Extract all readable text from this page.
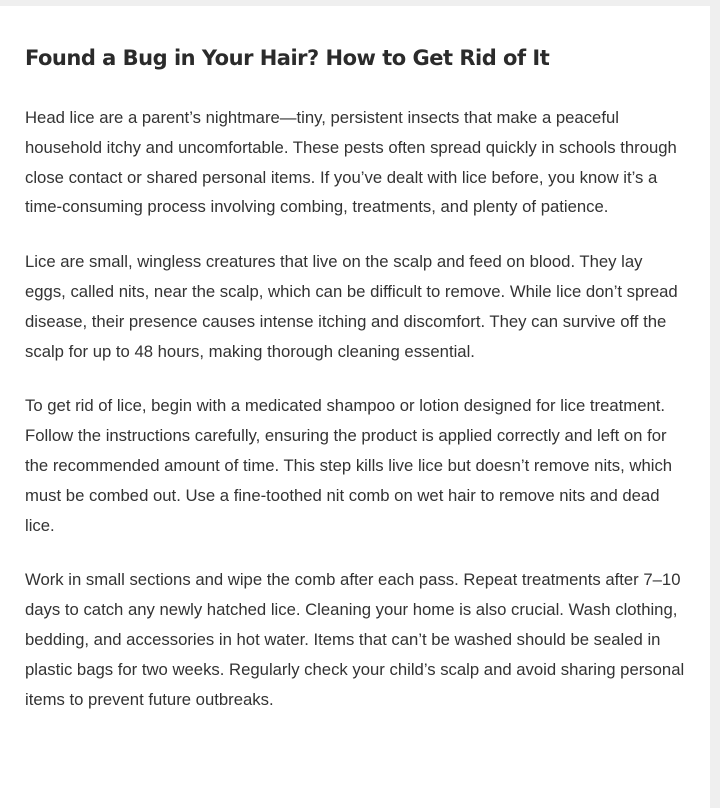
Found a Bug in Your Hair? How to Get Rid of It

Head lice are a parent’s nightmare—tiny, persistent insects that make a peaceful household itchy and uncomfortable. These pests often spread quickly in schools through close contact or shared personal items. If you’ve dealt with lice before, you know it’s a time-consuming process involving combing, treatments, and plenty of patience.

Lice are small, wingless creatures that live on the scalp and feed on blood. They lay eggs, called nits, near the scalp, which can be difficult to remove. While lice don’t spread disease, their presence causes intense itching and discomfort. They can survive off the scalp for up to 48 hours, making thorough cleaning essential.

To get rid of lice, begin with a medicated shampoo or lotion designed for lice treatment. Follow the instructions carefully, ensuring the product is applied correctly and left on for the recommended amount of time. This step kills live lice but doesn’t remove nits, which must be combed out. Use a fine-toothed nit comb on wet hair to remove nits and dead lice.

Work in small sections and wipe the comb after each pass. Repeat treatments after 7–10 days to catch any newly hatched lice. Cleaning your home is also crucial. Wash clothing, bedding, and accessories in hot water. Items that can’t be washed should be sealed in plastic bags for two weeks. Regularly check your child’s scalp and avoid sharing personal items to prevent future outbreaks.
